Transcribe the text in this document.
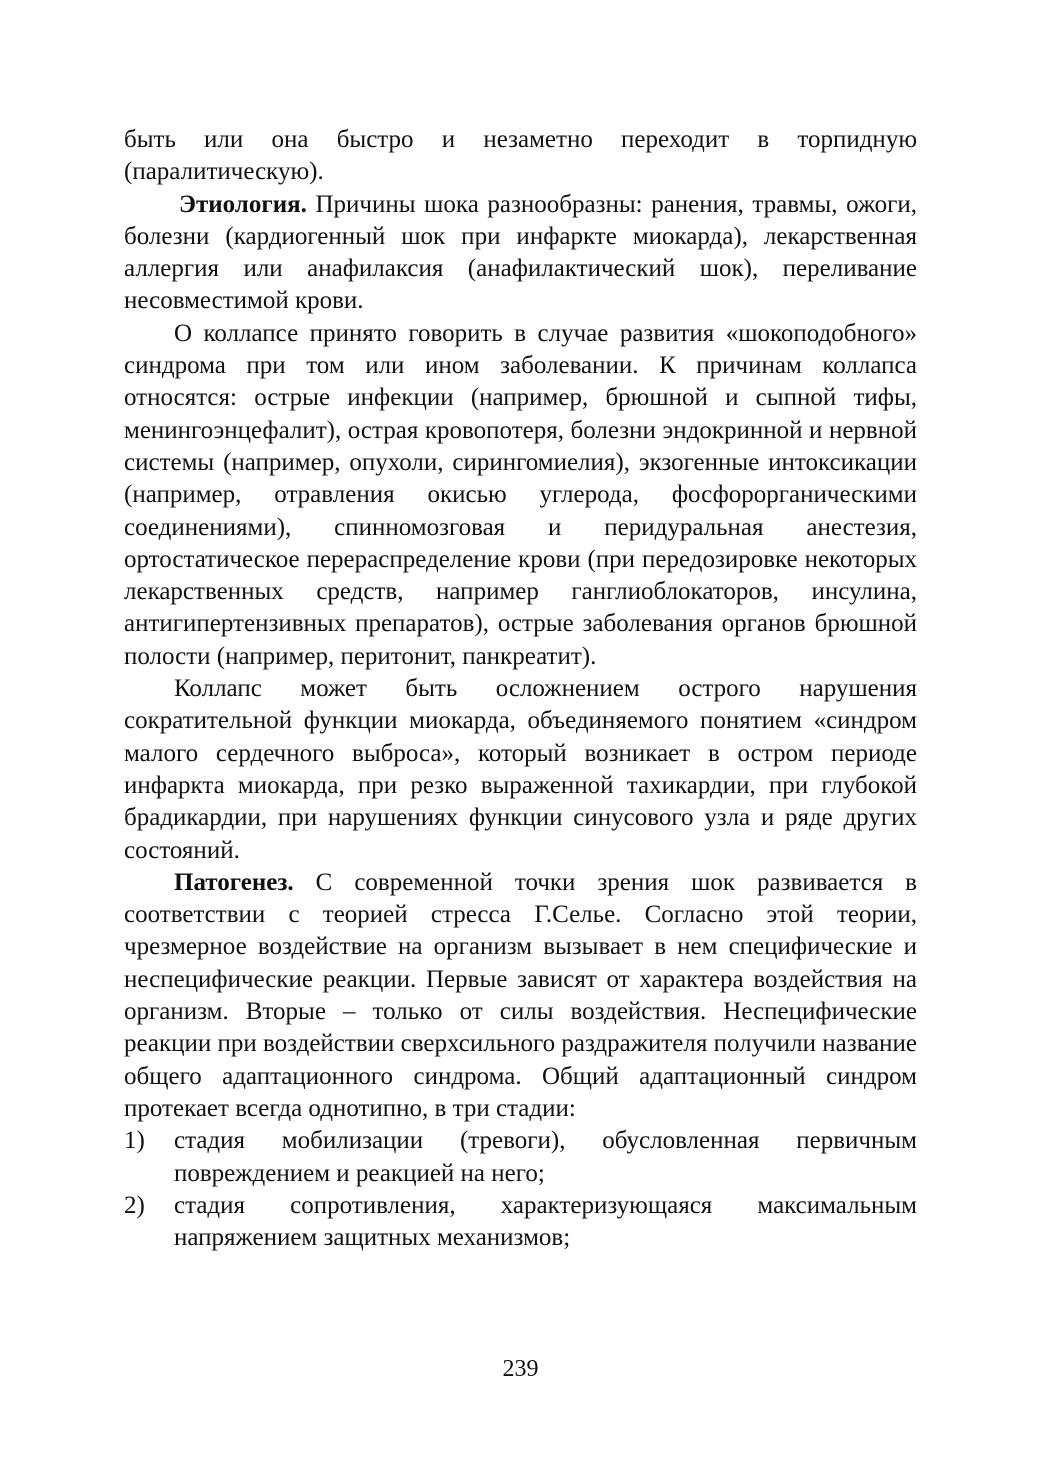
быть или она быстро и незаметно переходит в торпидную (паралитическую).

Этиология. Причины шока разнообразны: ранения, травмы, ожоги, болезни (кардиогенный шок при инфаркте миокарда), лекарственная аллергия или анафилаксия (анафилактический шок), переливание несовместимой крови.

О коллапсе принято говорить в случае развития «шокоподобного» синдрома при том или ином заболевании. К причинам коллапса относятся: острые инфекции (например, брюшной и сыпной тифы, менингоэнцефалит), острая кровопотеря, болезни эндокринной и нервной системы (например, опухоли, сирингомиелия), экзогенные интоксикации (например, отравления окисью углерода, фосфорорганическими соединениями), спинномозговая и перидуральная анестезия, ортостатическое перераспределение крови (при передозировке некоторых лекарственных средств, например ганглиоблокаторов, инсулина, антигипертензивных препаратов), острые заболевания органов брюшной полости (например, перитонит, панкреатит).

Коллапс может быть осложнением острого нарушения сократительной функции миокарда, объединяемого понятием «синдром малого сердечного выброса», который возникает в остром периоде инфаркта миокарда, при резко выраженной тахикардии, при глубокой брадикардии, при нарушениях функции синусового узла и ряде других состояний.

Патогенез. С современной точки зрения шок развивается в соответствии с теорией стресса Г.Селье. Согласно этой теории, чрезмерное воздействие на организм вызывает в нем специфические и неспецифические реакции. Первые зависят от характера воздействия на организм. Вторые – только от силы воздействия. Неспецифические реакции при воздействии сверхсильного раздражителя получили название общего адаптационного синдрома. Общий адаптационный синдром протекает всегда однотипно, в три стадии:

1)	стадия мобилизации (тревоги), обусловленная первичным повреждением и реакцией на него;
2)	стадия сопротивления, характеризующаяся максимальным напряжением защитных механизмов;
239
